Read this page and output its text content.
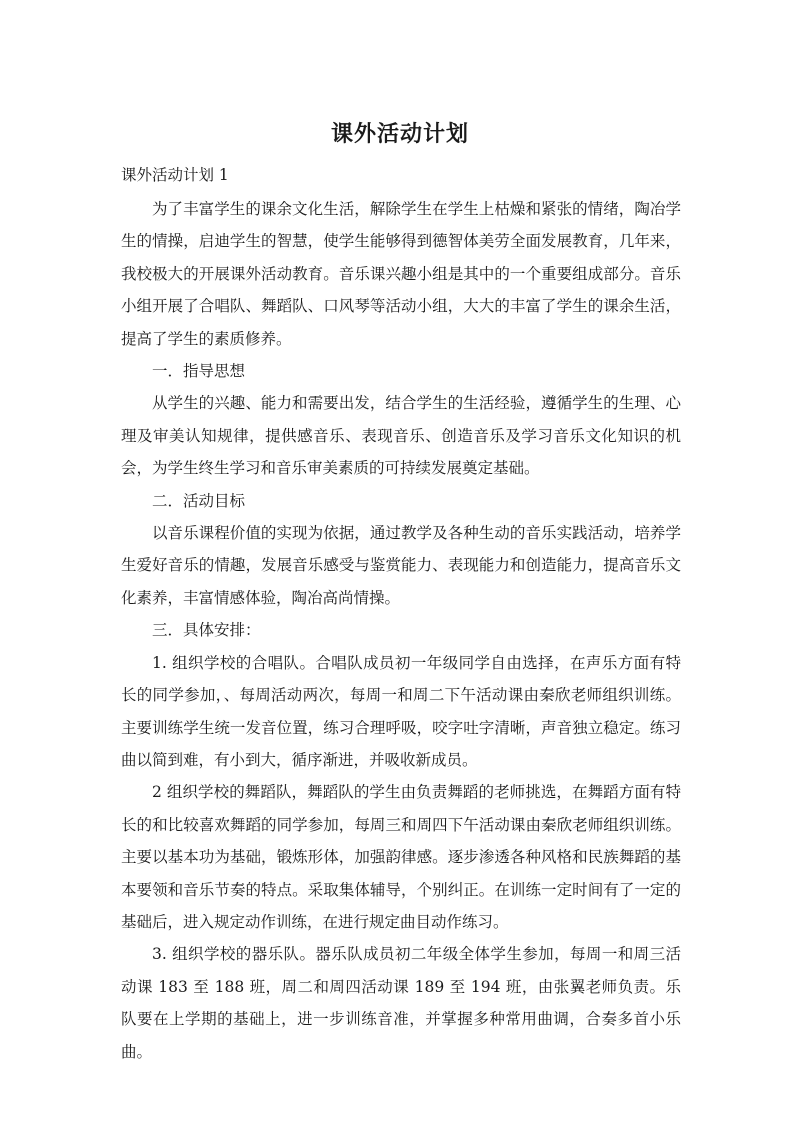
课外活动计划
课外活动计划 1

为了丰富学生的课余文化生活，解除学生在学生上枯燥和紧张的情绪，陶冶学生的情操，启迪学生的智慧，使学生能够得到德智体美劳全面发展教育，几年来，我校极大的开展课外活动教育。音乐课兴趣小组是其中的一个重要组成部分。音乐小组开展了合唱队、舞蹈队、口风琴等活动小组，大大的丰富了学生的课余生活，提高了学生的素质修养。

一．指导思想

从学生的兴趣、能力和需要出发，结合学生的生活经验，遵循学生的生理、心理及审美认知规律，提供感音乐、表现音乐、创造音乐及学习音乐文化知识的机会，为学生终生学习和音乐审美素质的可持续发展奠定基础。

二．活动目标

以音乐课程价值的实现为依据，通过教学及各种生动的音乐实践活动，培养学生爱好音乐的情趣，发展音乐感受与鉴赏能力、表现能力和创造能力，提高音乐文化素养，丰富情感体验，陶冶高尚情操。

三．具体安排：

1. 组织学校的合唱队。合唱队成员初一年级同学自由选择，在声乐方面有特长的同学参加，、每周活动两次，每周一和周二下午活动课由秦欣老师组织训练。主要训练学生统一发音位置，练习合理呼吸，咬字吐字清晰，声音独立稳定。练习曲以简到难，有小到大，循序渐进，并吸收新成员。

2 组织学校的舞蹈队，舞蹈队的学生由负责舞蹈的老师挑选，在舞蹈方面有特长的和比较喜欢舞蹈的同学参加，每周三和周四下午活动课由秦欣老师组织训练。主要以基本功为基础，锻炼形体，加强韵律感。逐步渗透各种风格和民族舞蹈的基本要领和音乐节奏的特点。采取集体辅导，个别纠正。在训练一定时间有了一定的基础后，进入规定动作训练，在进行规定曲目动作练习。

3. 组织学校的器乐队。器乐队成员初二年级全体学生参加，每周一和周三活动课 183 至 188 班，周二和周四活动课 189 至 194 班，由张翼老师负责。乐队要在上学期的基础上，进一步训练音准，并掌握多种常用曲调，合奏多首小乐曲。
